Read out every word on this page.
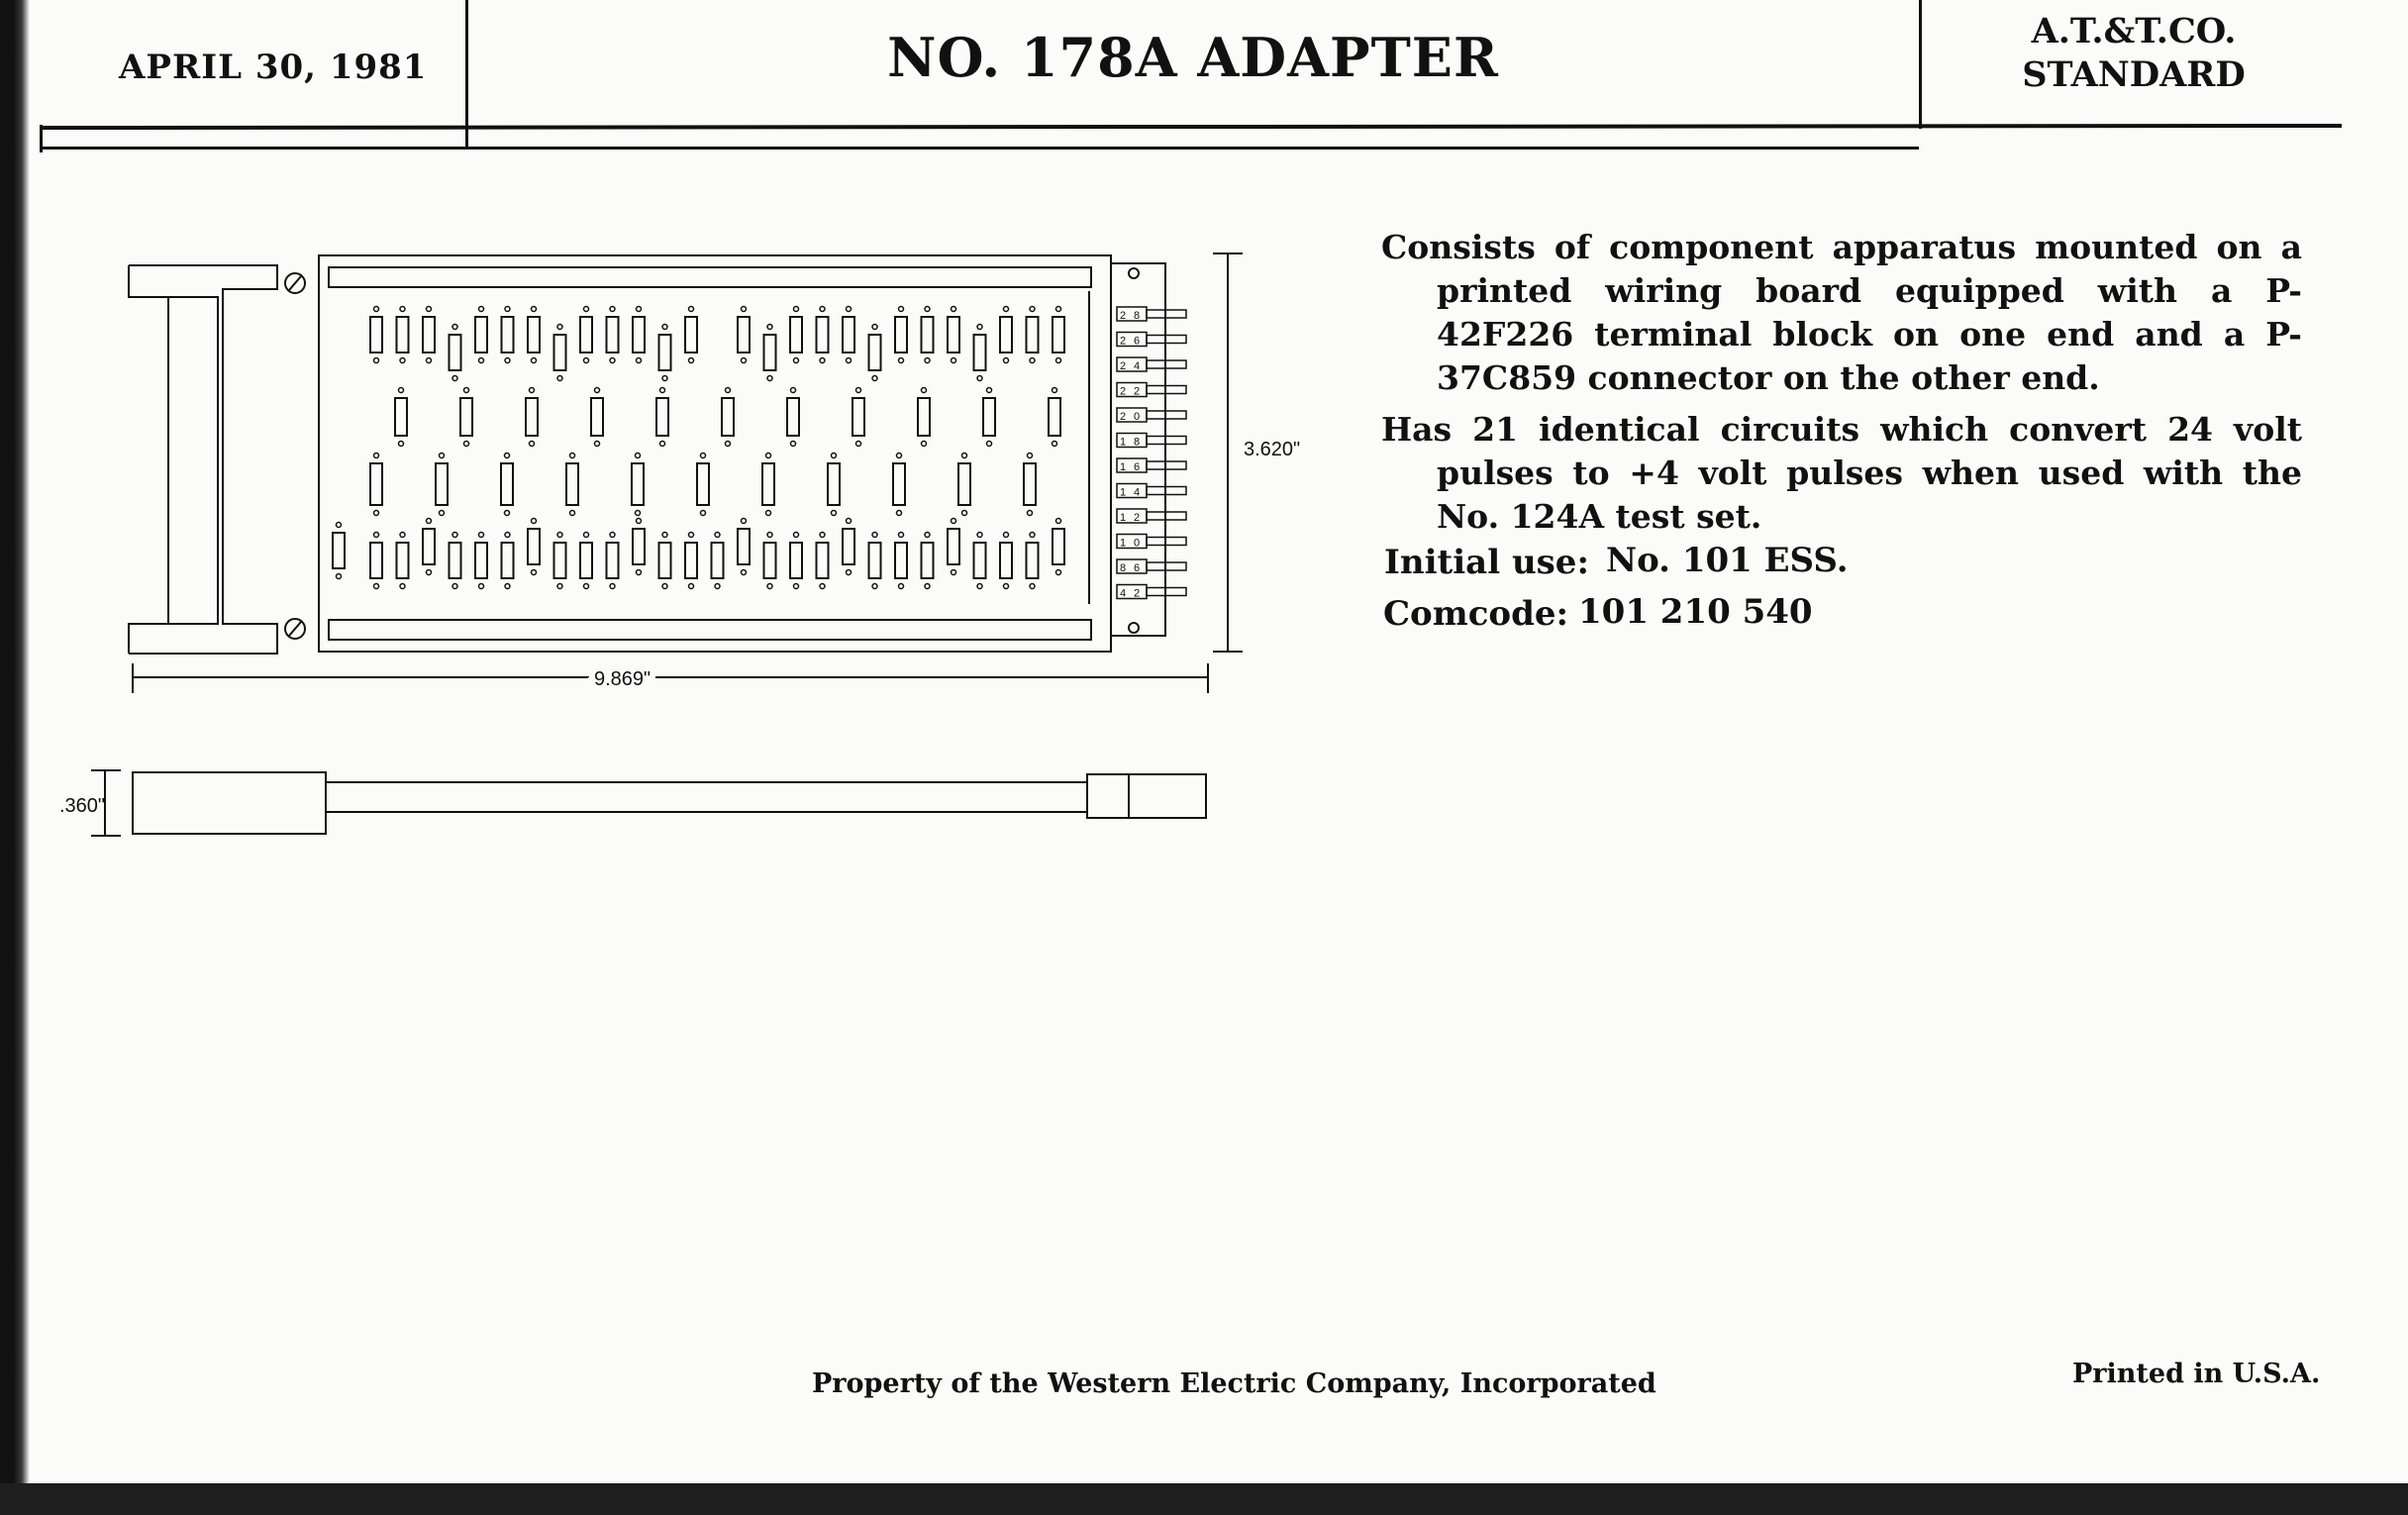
APRIL 30, 1981	NO. 178A ADAPTER	A.T.&T.CO.
STANDARD
2 8
2 6
2 4
2 2
2 0
1 8
1 6
1 4
1 2
1 0
8 6
4 2
3.620"
9.869"
.360"

Consists of component apparatus mounted on a printed wiring board equipped with a P-42F226 terminal block on one end and a P-37C859 connector on the other end.

Has 21 identical circuits which convert 24 volt pulses to +4 volt pulses when used with the No. 124A test set.

Initial use: No. 101 ESS.
Comcode: 101 210 540
Property of the Western Electric Company, Incorporated	Printed in U.S.A.
